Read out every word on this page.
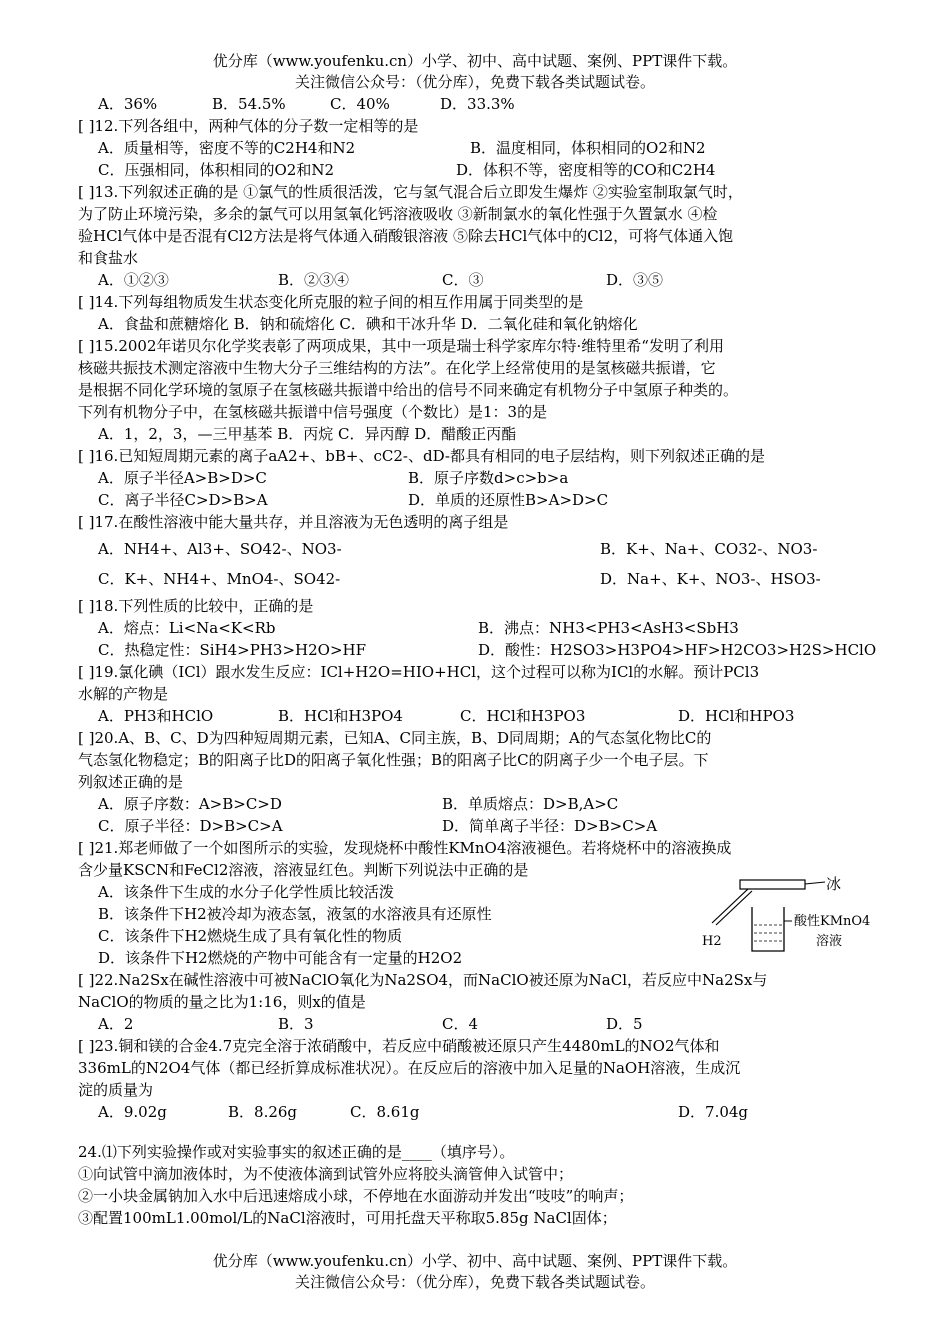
优分库（www.youfenku.cn）小学、初中、高中试题、案例、PPT课件下载。
关注微信公众号：（优分库），免费下载各类试题试卷。
A．36%	B．54.5%	C．40%	D．33.3%
[ ]12.下列各组中，两种气体的分子数一定相等的是
A．质量相等，密度不等的C2H4和N2	B．温度相同，体积相同的O2和N2
C．压强相同，体积相同的O2和N2	D．体积不等，密度相等的CO和C2H4
[ ]13.下列叙述正确的是 ①氯气的性质很活泼，它与氢气混合后立即发生爆炸 ②实验室制取氯气时，
为了防止环境污染，多余的氯气可以用氢氧化钙溶液吸收 ③新制氯水的氧化性强于久置氯水 ④检
验HCl气体中是否混有Cl2方法是将气体通入硝酸银溶液 ⑤除去HCl气体中的Cl2，可将气体通入饱
和食盐水
A．①②③	B．②③④	C．③	D．③⑤
[ ]14.下列每组物质发生状态变化所克服的粒子间的相互作用属于同类型的是
A．食盐和蔗糖熔化 B．钠和硫熔化 C．碘和干冰升华 D．二氧化硅和氧化钠熔化
[ ]15.2002年诺贝尔化学奖表彰了两项成果，其中一项是瑞士科学家库尔特·维特里希“发明了利用
核磁共振技术测定溶液中生物大分子三维结构的方法”。在化学上经常使用的是氢核磁共振谱，它
是根据不同化学环境的氢原子在氢核磁共振谱中给出的信号不同来确定有机物分子中氢原子种类的。
下列有机物分子中，在氢核磁共振谱中信号强度（个数比）是1：3的是
A．1，2，3，—三甲基苯 B．丙烷 C．异丙醇 D．醋酸正丙酯
[ ]16.已知短周期元素的离子aA2+、bB+、cC2-、dD-都具有相同的电子层结构，则下列叙述正确的是
A．原子半径A>B>D>C	B．原子序数d>c>b>a
C．离子半径C>D>B>A	D．单质的还原性B>A>D>C
[ ]17.在酸性溶液中能大量共存，并且溶液为无色透明的离子组是
A．NH4+、Al3+、SO42-、NO3-	B．K+、Na+、CO32-、NO3-
C．K+、NH4+、MnO4-、SO42-	D．Na+、K+、NO3-、HSO3-
[ ]18.下列性质的比较中，正确的是
A．熔点：Li<Na<K<Rb	B．沸点：NH3<PH3<AsH3<SbH3
C．热稳定性：SiH4>PH3>H2O>HF	D．酸性：H2SO3>H3PO4>HF>H2CO3>H2S>HClO
[ ]19.氯化碘（ICl）跟水发生反应：ICl+H2O=HIO+HCl，这个过程可以称为ICl的水解。预计PCl3
水解的产物是
A．PH3和HClO	B．HCl和H3PO4	C．HCl和H3PO3	D．HCl和HPO3
[ ]20.A、B、C、D为四种短周期元素，已知A、C同主族，B、D同周期；A的气态氢化物比C的
气态氢化物稳定；B的阳离子比D的阳离子氧化性强；B的阳离子比C的阴离子少一个电子层。下
列叙述正确的是
A．原子序数：A>B>C>D	B．单质熔点：D>B,A>C
C．原子半径：D>B>C>A	D．简单离子半径：D>B>C>A
[ ]21.郑老师做了一个如图所示的实验，发现烧杯中酸性KMnO4溶液褪色。若将烧杯中的溶液换成
含少量KSCN和FeCl2溶液，溶液显红色。判断下列说法中正确的是
A．该条件下生成的水分子化学性质比较活泼
B．该条件下H2被冷却为液态氢，液氢的水溶液具有还原性
C．该条件下H2燃烧生成了具有氧化性的物质
D．该条件下H2燃烧的产物中可能含有一定量的H2O2
冰
H2
酸性KMnO4
溶液
[ ]22.Na2Sx在碱性溶液中可被NaClO氧化为Na2SO4，而NaClO被还原为NaCl，若反应中Na2Sx与
NaClO的物质的量之比为1:16，则x的值是
A．2	B．3	C．4	D．5
[ ]23.铜和镁的合金4.7克完全溶于浓硝酸中，若反应中硝酸被还原只产生4480mL的NO2气体和
336mL的N2O4气体（都已经折算成标准状况）。在反应后的溶液中加入足量的NaOH溶液，生成沉
淀的质量为
A．9.02g	B．8.26g	C．8.61g	D．7.04g
24.⑴下列实验操作或对实验事实的叙述正确的是____（填序号）。
①向试管中滴加液体时，为不使液体滴到试管外应将胶头滴管伸入试管中；
②一小块金属钠加入水中后迅速熔成小球，不停地在水面游动并发出“吱吱”的响声；
③配置100mL1.00mol/L的NaCl溶液时，可用托盘天平称取5.85g NaCl固体；
优分库（www.youfenku.cn）小学、初中、高中试题、案例、PPT课件下载。
关注微信公众号：（优分库），免费下载各类试题试卷。
